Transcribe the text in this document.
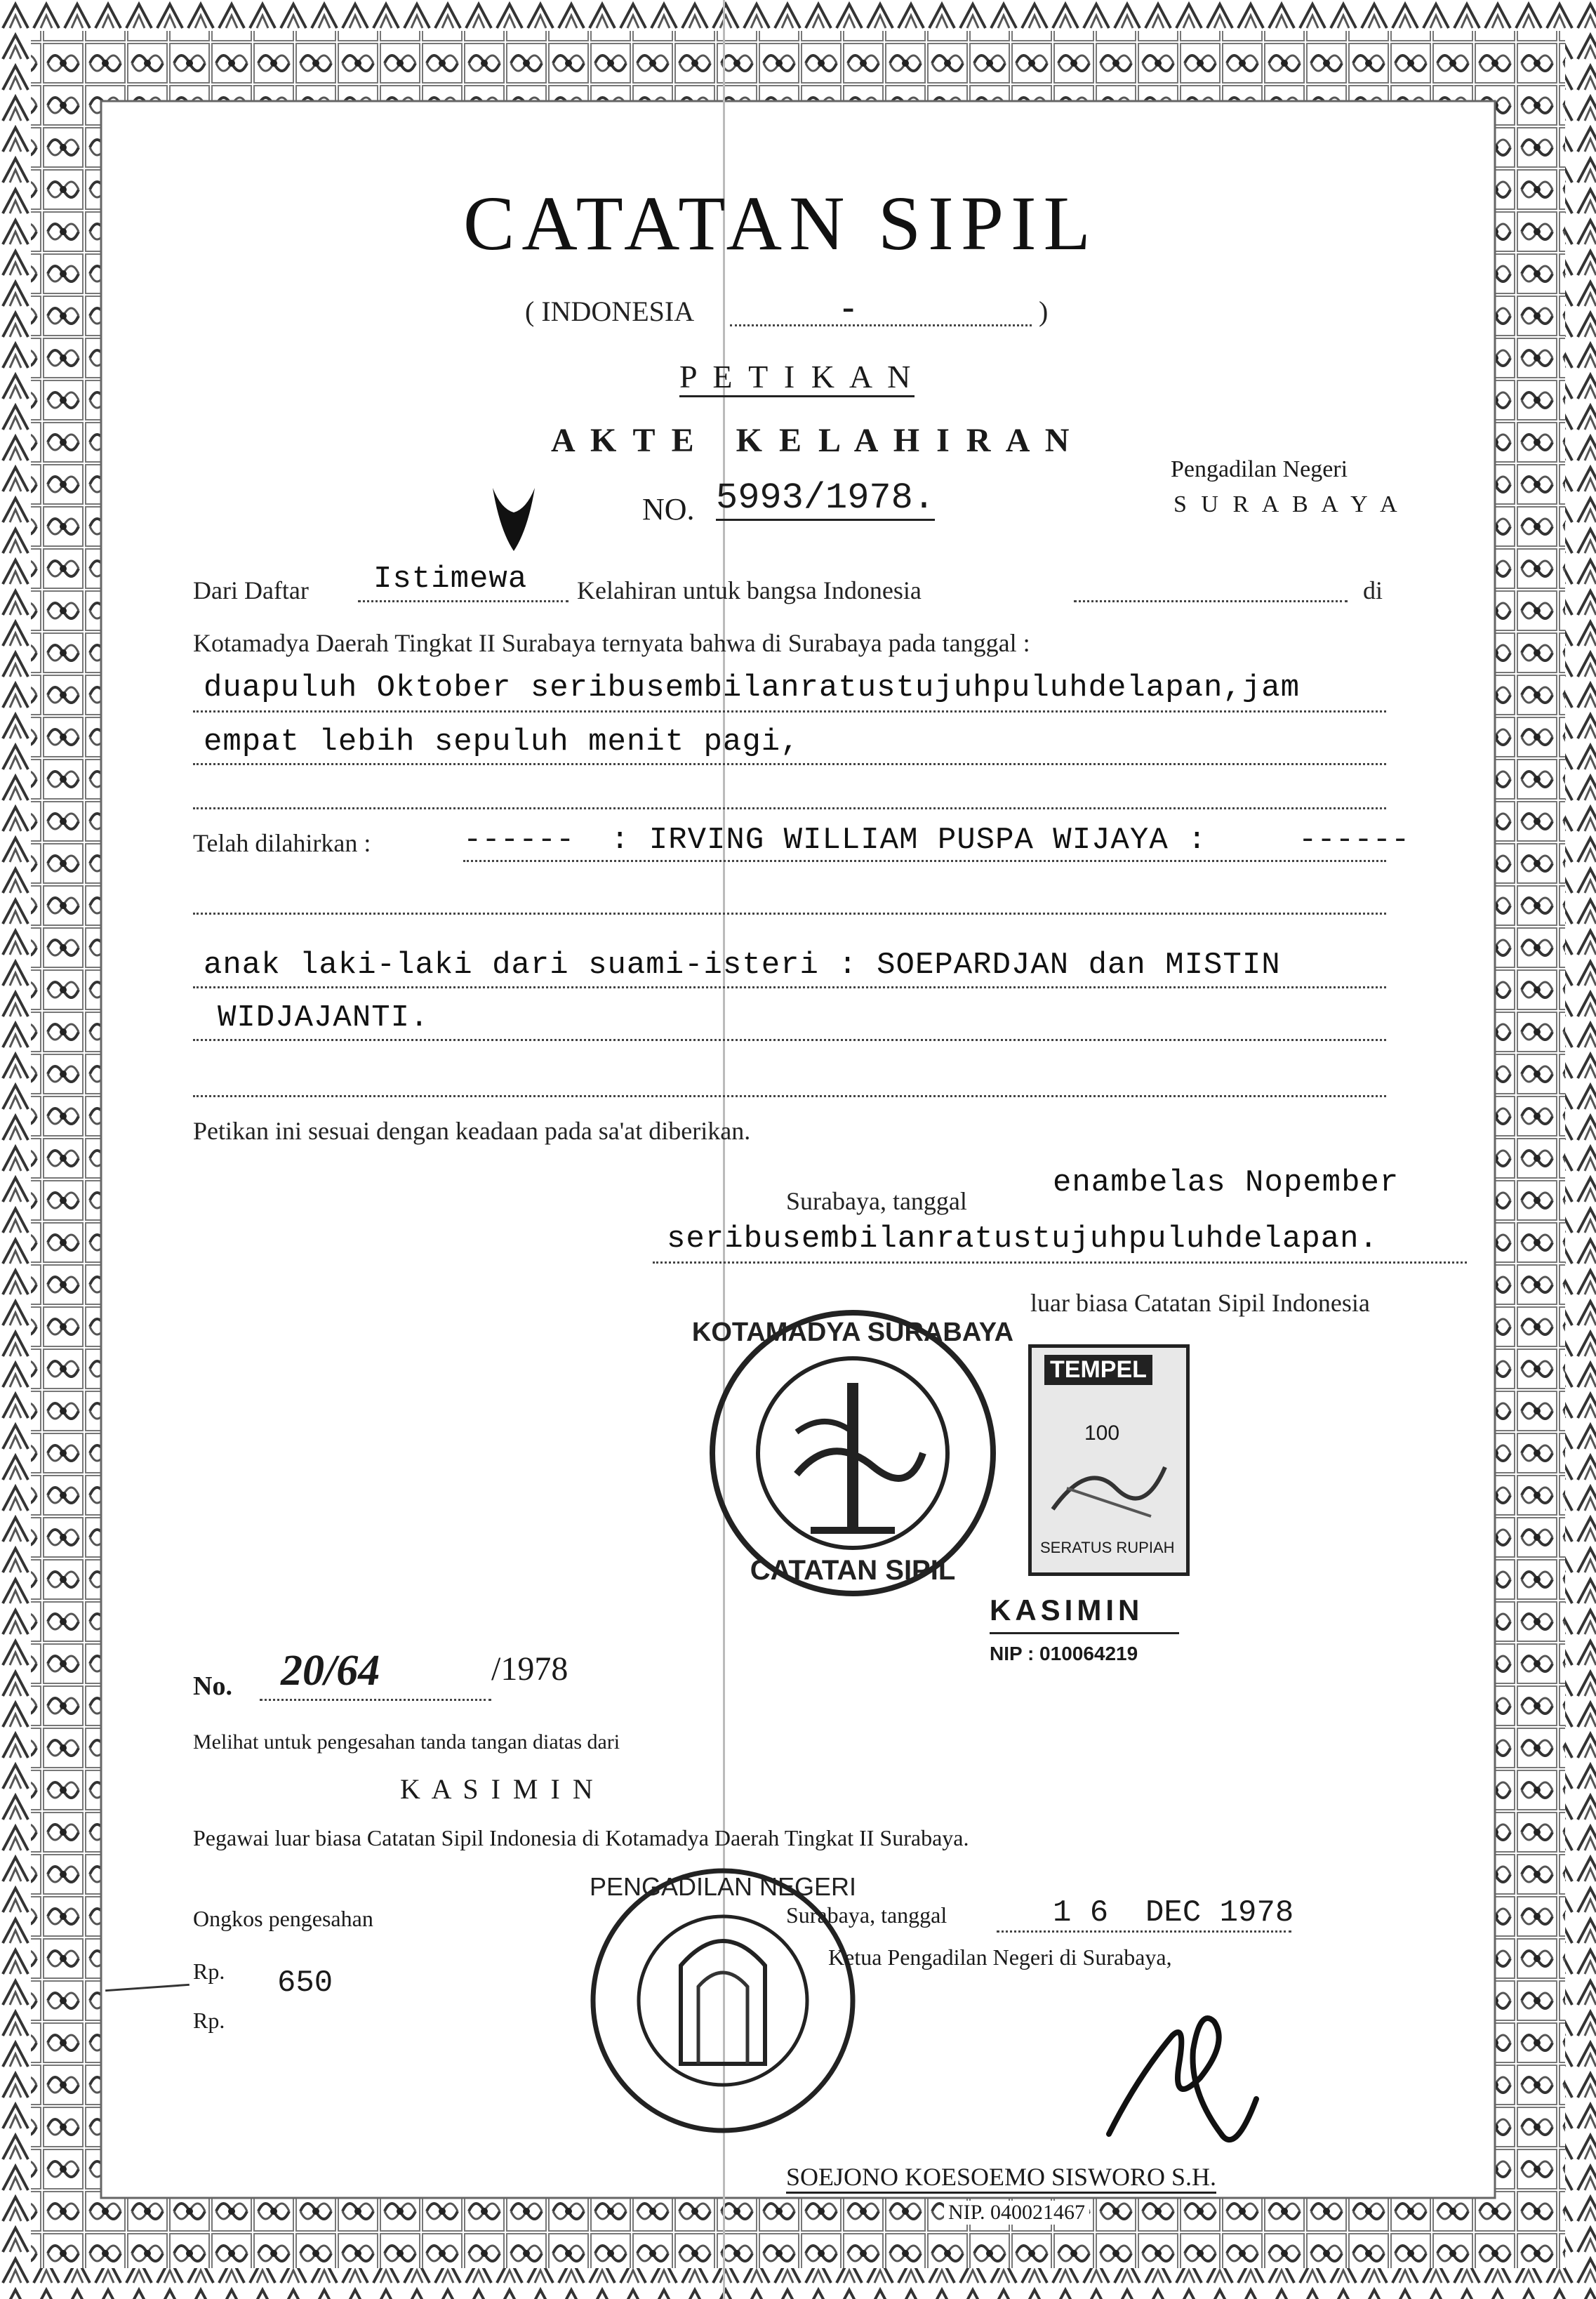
CATATAN SIPIL
( INDONESIA	-	)
P E T I K A N
A K T E   K E L A H I R A N
NO. 5993/1978.
Pengadilan Negeri
S U R A B A Y A
Dari Daftar Istimewa Kelahiran untuk bangsa Indonesia	di
Kotamadya Daerah Tingkat II Surabaya ternyata bahwa di Surabaya pada tanggal :
duapuluh Oktober seribusembilanratustujuhpuluhdelapan,jam
empat lebih sepuluh menit pagi,
Telah dilahirkan :	------ : IRVING WILLIAM PUSPA WIJAYA :	------
anak laki-laki dari suami-isteri : SOEPARDJAN dan MISTIN
WIDJAJANTI.
Petikan ini sesuai dengan keadaan pada sa'at diberikan.
Surabaya, tanggal
enambelas Nopember
seribusembilanratustujuhpuluhdelapan.
luar biasa Catatan Sipil Indonesia
KOTAMADYA SURABAYA
CATATAN SIPIL
TEMPEL
100
SERATUS RUPIAH
KASIMIN
NIP : 010064219
No. 20/64	/1978
Melihat untuk pengesahan tanda tangan diatas dari
K A S I M I N
Pegawai luar biasa Catatan Sipil Indonesia di Kotamadya Daerah Tingkat II Surabaya.
Ongkos pengesahan
Rp. 650
Rp.
PENGADILAN NEGERI
Surabaya, tanggal	1 6  DEC 1978
Ketua Pengadilan Negeri di Surabaya,
SOEJONO KOESOEMO SISWORO S.H.
NIP. 040021467
